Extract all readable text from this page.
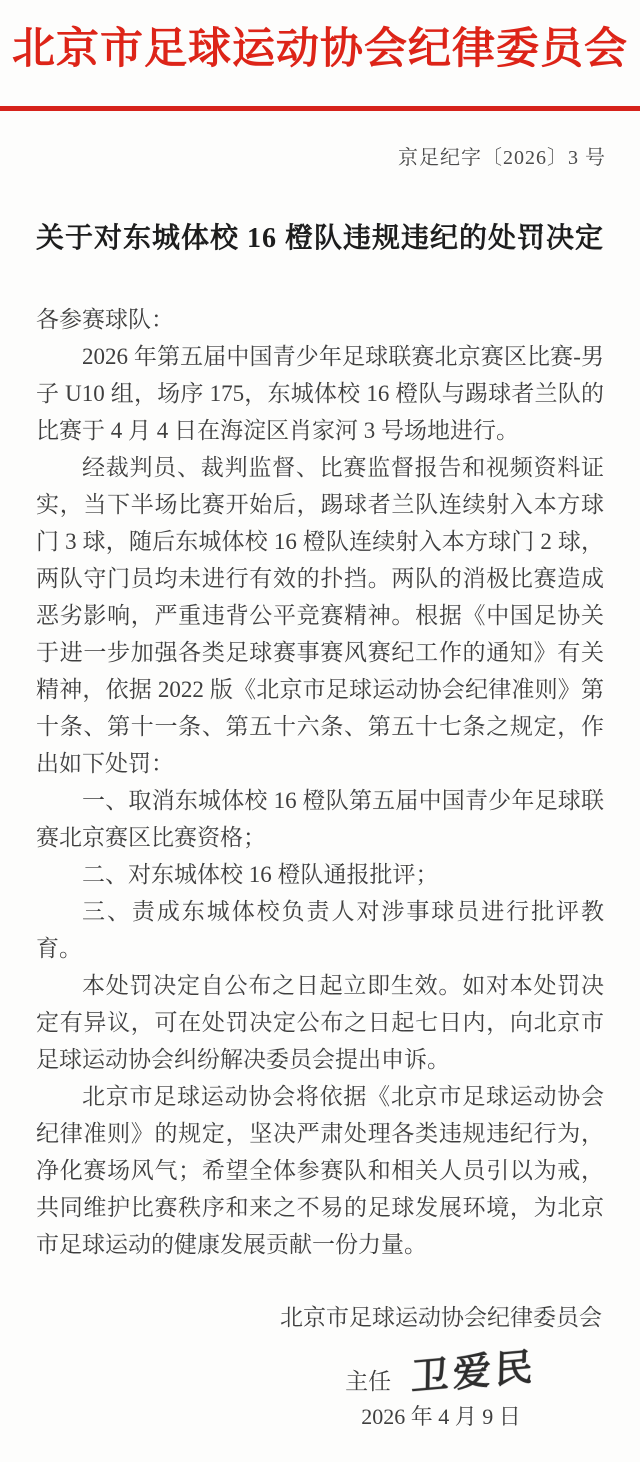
北京市足球运动协会纪律委员会
京足纪字〔2026〕3 号
关于对东城体校 16 橙队违规违纪的处罚决定

各参赛球队：

2026 年第五届中国青少年足球联赛北京赛区比赛-男子 U10 组，场序 175，东城体校 16 橙队与踢球者兰队的比赛于 4 月 4 日在海淀区肖家河 3 号场地进行。

经裁判员、裁判监督、比赛监督报告和视频资料证实，当下半场比赛开始后，踢球者兰队连续射入本方球门 3 球，随后东城体校 16 橙队连续射入本方球门 2 球，两队守门员均未进行有效的扑挡。两队的消极比赛造成恶劣影响，严重违背公平竞赛精神。根据《中国足协关于进一步加强各类足球赛事赛风赛纪工作的通知》有关精神，依据 2022 版《北京市足球运动协会纪律准则》第十条、第十一条、第五十六条、第五十七条之规定，作出如下处罚：

一、取消东城体校 16 橙队第五届中国青少年足球联赛北京赛区比赛资格；

二、对东城体校 16 橙队通报批评；

三、责成东城体校负责人对涉事球员进行批评教育。

本处罚决定自公布之日起立即生效。如对本处罚决定有异议，可在处罚决定公布之日起七日内，向北京市足球运动协会纠纷解决委员会提出申诉。

北京市足球运动协会将依据《北京市足球运动协会纪律准则》的规定，坚决严肃处理各类违规违纪行为，净化赛场风气；希望全体参赛队和相关人员引以为戒，共同维护比赛秩序和来之不易的足球发展环境，为北京市足球运动的健康发展贡献一份力量。

北京市足球运动协会纪律委员会
主任 卫爱民
2026 年 4 月 9 日
